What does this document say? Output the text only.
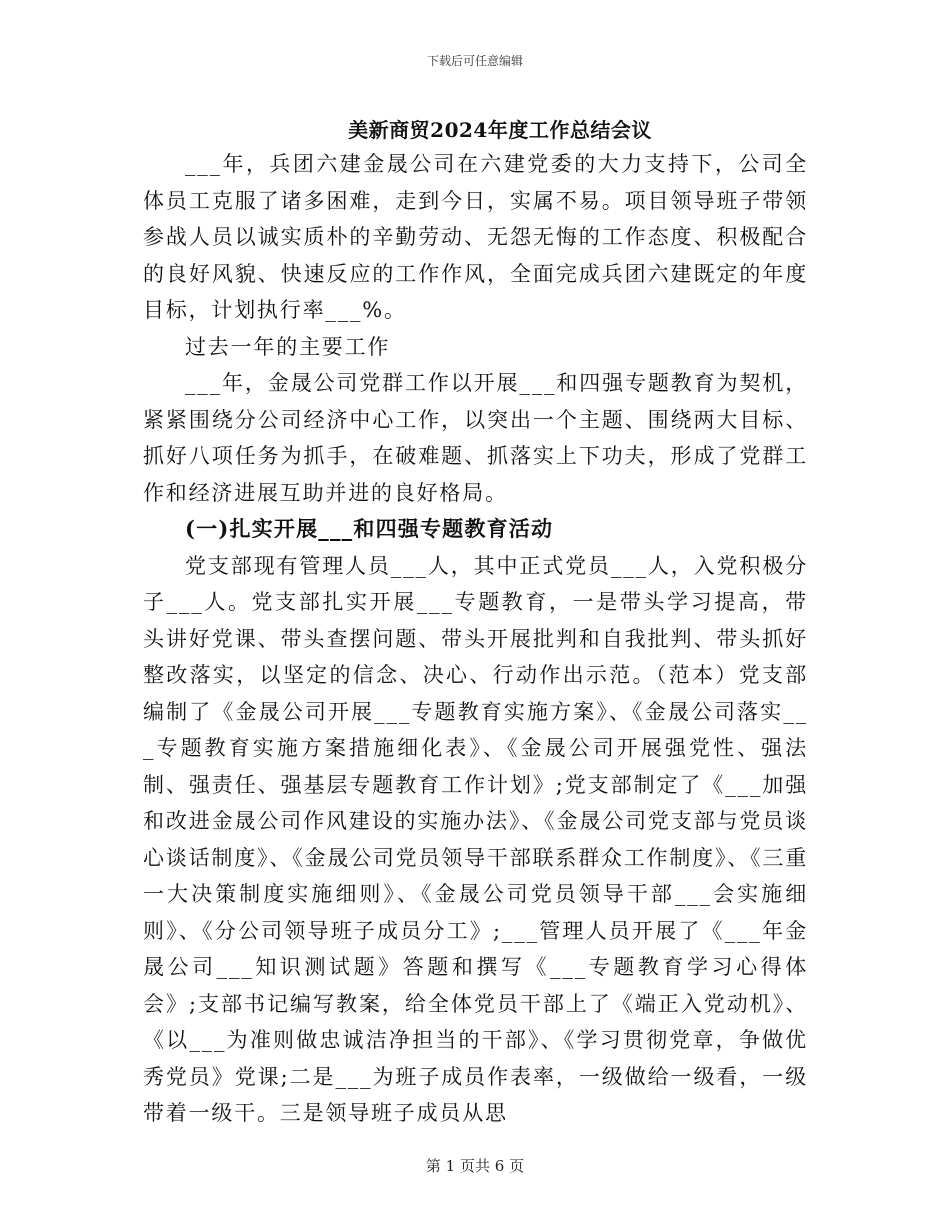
下载后可任意编辑
美新商贸2024年度工作总结会议

___年，兵团六建金晟公司在六建党委的大力支持下，公司全体员工克服了诸多困难，走到今日，实属不易。项目领导班子带领参战人员以诚实质朴的辛勤劳动、无怨无悔的工作态度、积极配合的良好风貌、快速反应的工作作风，全面完成兵团六建既定的年度目标，计划执行率___%。

过去一年的主要工作

___年，金晟公司党群工作以开展___和四强专题教育为契机，紧紧围绕分公司经济中心工作，以突出一个主题、围绕两大目标、抓好八项任务为抓手，在破难题、抓落实上下功夫，形成了党群工作和经济进展互助并进的良好格局。

(一)扎实开展___和四强专题教育活动

党支部现有管理人员___人，其中正式党员___人，入党积极分子___人。党支部扎实开展___专题教育，一是带头学习提高，带头讲好党课、带头查摆问题、带头开展批判和自我批判、带头抓好整改落实，以坚定的信念、决心、行动作出示范。（范本）党支部编制了《金晟公司开展___专题教育实施方案》、《金晟公司落实___专题教育实施方案措施细化表》、《金晟公司开展强党性、强法制、强责任、强基层专题教育工作计划》;党支部制定了《___加强和改进金晟公司作风建设的实施办法》、《金晟公司党支部与党员谈心谈话制度》、《金晟公司党员领导干部联系群众工作制度》、《三重一大决策制度实施细则》、《金晟公司党员领导干部___会实施细则》、《分公司领导班子成员分工》;___管理人员开展了《___年金晟公司___知识测试题》答题和撰写《___专题教育学习心得体会》;支部书记编写教案，给全体党员干部上了《端正入党动机》、《以___为准则做忠诚洁净担当的干部》、《学习贯彻党章，争做优秀党员》党课;二是___为班子成员作表率，一级做给一级看，一级带着一级干。三是领导班子成员从思

第 1 页共 6 页
